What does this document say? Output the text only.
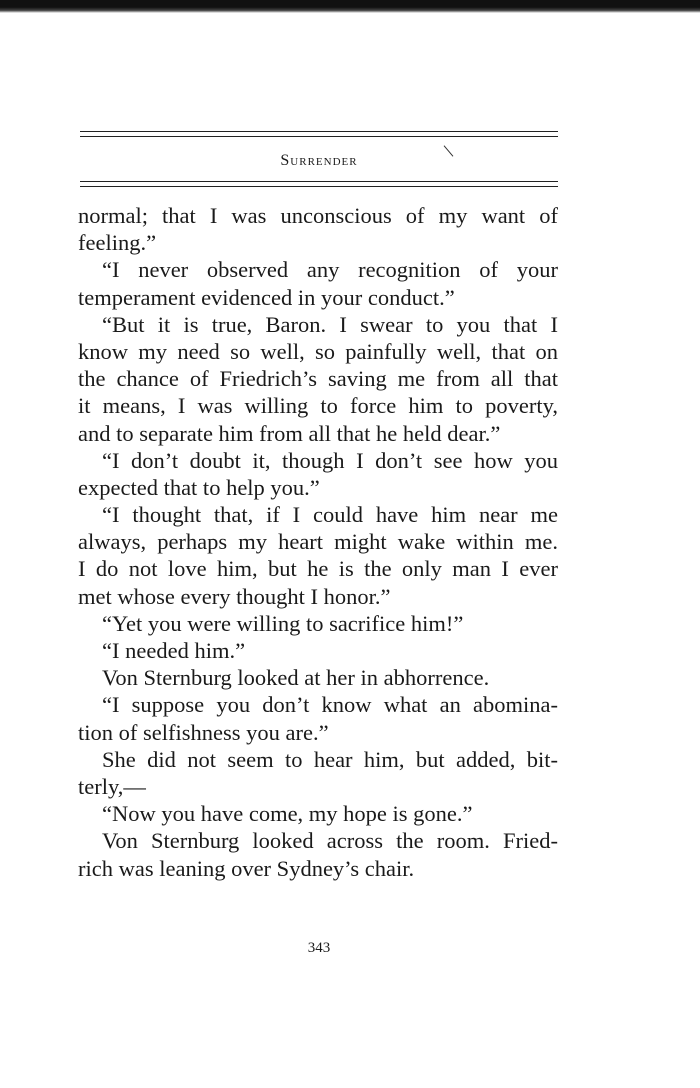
Surrender
normal; that I was unconscious of my want of
feeling.”
“I never observed any recognition of your
temperament evidenced in your conduct.”
“But it is true, Baron. I swear to you that I
know my need so well, so painfully well, that on
the chance of Friedrich’s saving me from all that
it means, I was willing to force him to poverty,
and to separate him from all that he held dear.”
“I don’t doubt it, though I don’t see how you
expected that to help you.”
“I thought that, if I could have him near me
always, perhaps my heart might wake within me.
I do not love him, but he is the only man I ever
met whose every thought I honor.”
“Yet you were willing to sacrifice him!”
“I needed him.”
Von Sternburg looked at her in abhorrence.
“I suppose you don’t know what an abomina-
tion of selfishness you are.”
She did not seem to hear him, but added, bit-
terly,—
“Now you have come, my hope is gone.”
Von Sternburg looked across the room. Fried-
rich was leaning over Sydney’s chair.
343
